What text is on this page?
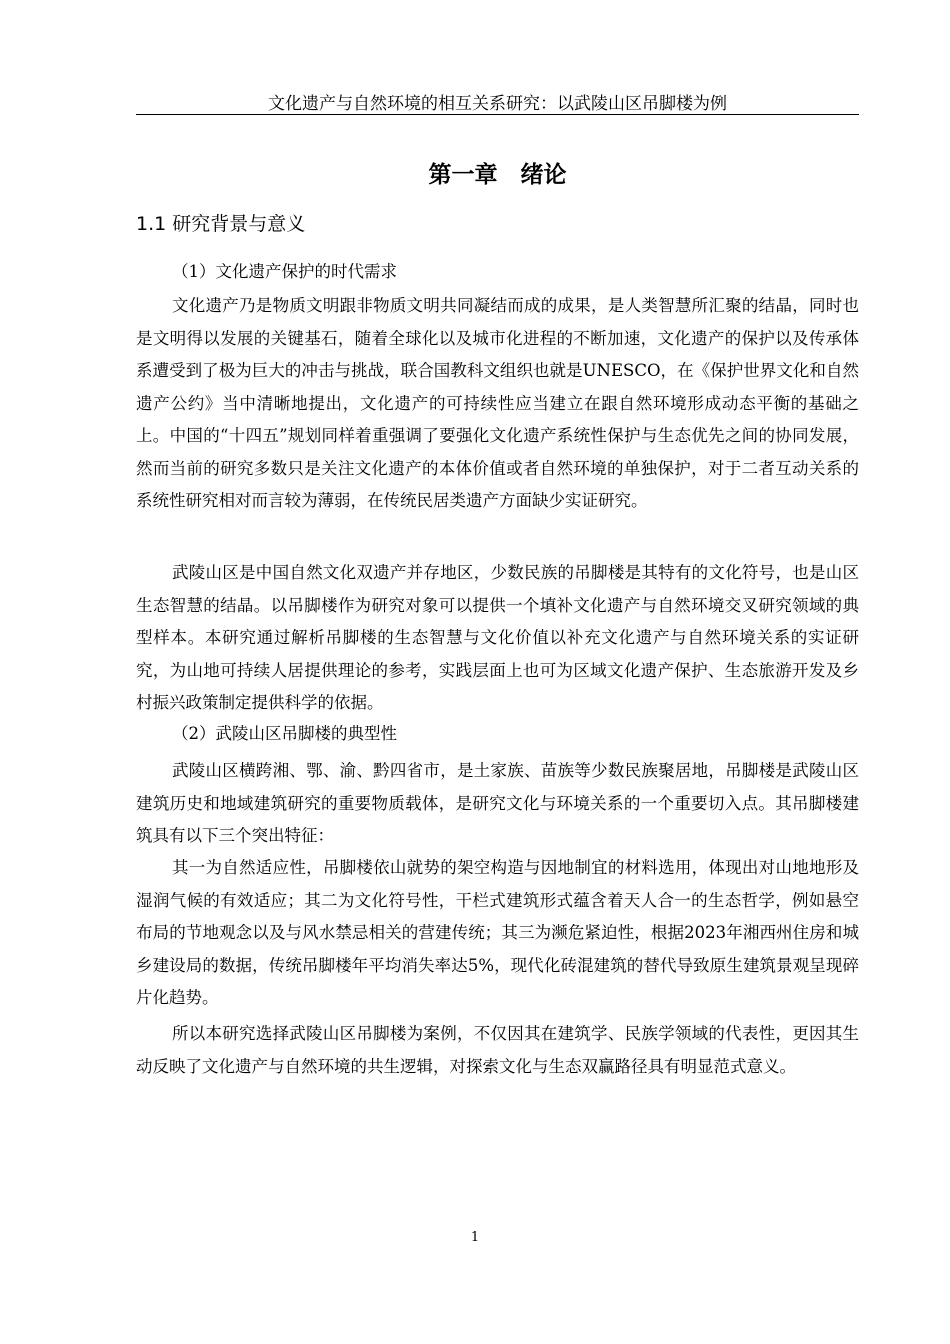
文化遗产与自然环境的相互关系研究：以武陵山区吊脚楼为例
第一章　绪论
1.1 研究背景与意义
（1）文化遗产保护的时代需求

文化遗产乃是物质文明跟非物质文明共同凝结而成的成果，是人类智慧所汇聚的结晶，同时也是文明得以发展的关键基石，随着全球化以及城市化进程的不断加速，文化遗产的保护以及传承体系遭受到了极为巨大的冲击与挑战，联合国教科文组织也就是UNESCO，在《保护世界文化和自然遗产公约》当中清晰地提出，文化遗产的可持续性应当建立在跟自然环境形成动态平衡的基础之上。中国的“十四五”规划同样着重强调了要强化文化遗产系统性保护与生态优先之间的协同发展，然而当前的研究多数只是关注文化遗产的本体价值或者自然环境的单独保护，对于二者互动关系的系统性研究相对而言较为薄弱，在传统民居类遗产方面缺少实证研究。

武陵山区是中国自然文化双遗产并存地区，少数民族的吊脚楼是其特有的文化符号，也是山区生态智慧的结晶。以吊脚楼作为研究对象可以提供一个填补文化遗产与自然环境交叉研究领域的典型样本。本研究通过解析吊脚楼的生态智慧与文化价值以补充文化遗产与自然环境关系的实证研究，为山地可持续人居提供理论的参考，实践层面上也可为区域文化遗产保护、生态旅游开发及乡村振兴政策制定提供科学的依据。

（2）武陵山区吊脚楼的典型性

武陵山区横跨湘、鄂、渝、黔四省市，是土家族、苗族等少数民族聚居地，吊脚楼是武陵山区建筑历史和地域建筑研究的重要物质载体，是研究文化与环境关系的一个重要切入点。其吊脚楼建筑具有以下三个突出特征：

其一为自然适应性，吊脚楼依山就势的架空构造与因地制宜的材料选用，体现出对山地地形及湿润气候的有效适应；其二为文化符号性，干栏式建筑形式蕴含着天人合一的生态哲学，例如悬空布局的节地观念以及与风水禁忌相关的营建传统；其三为濒危紧迫性，根据2023年湘西州住房和城乡建设局的数据，传统吊脚楼年平均消失率达5%，现代化砖混建筑的替代导致原生建筑景观呈现碎片化趋势。

所以本研究选择武陵山区吊脚楼为案例，不仅因其在建筑学、民族学领域的代表性，更因其生动反映了文化遗产与自然环境的共生逻辑，对探索文化与生态双赢路径具有明显范式意义。

1
